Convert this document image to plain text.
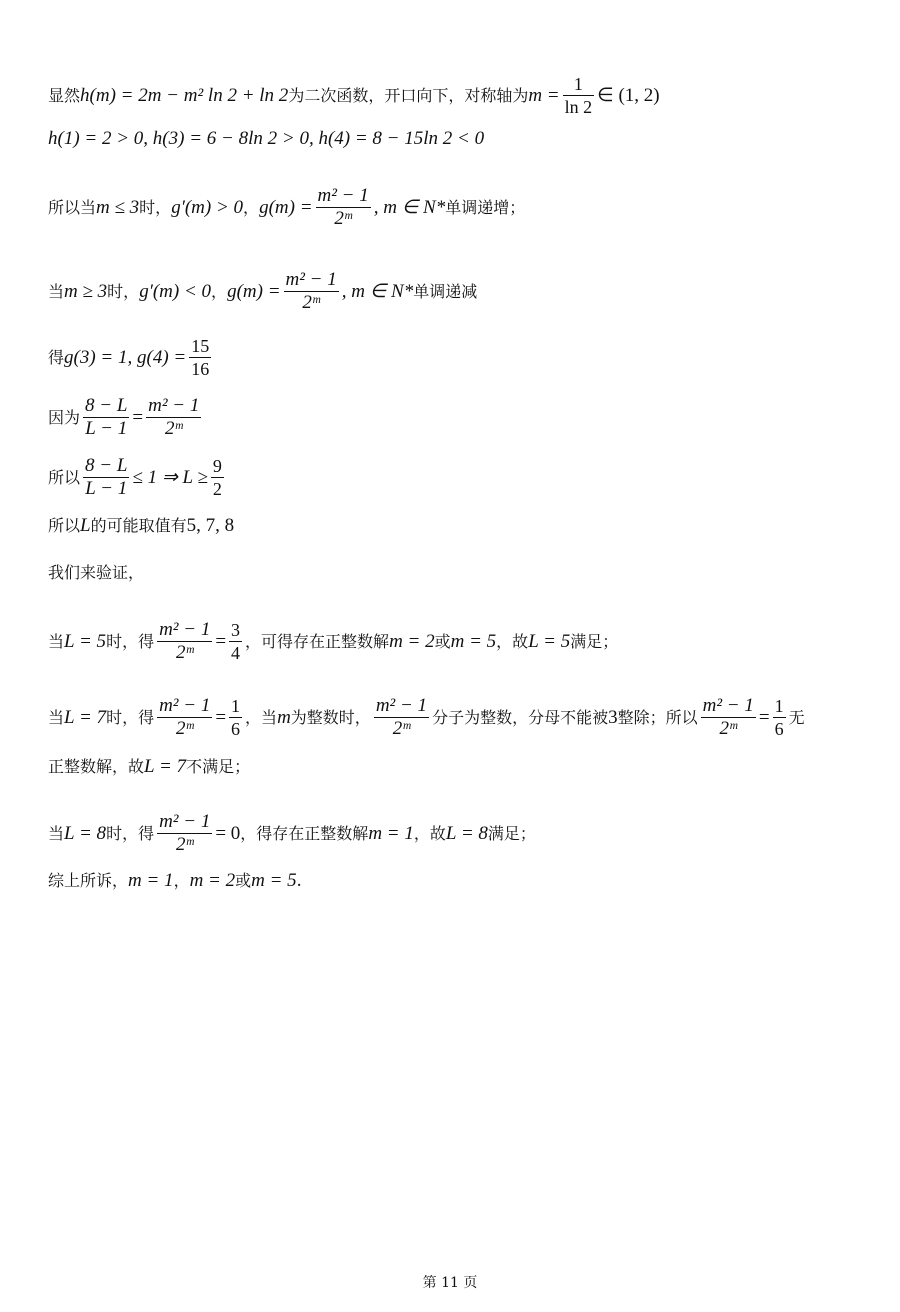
显然 h(m) = 2m − m² ln 2 + ln 2 为二次函数，开口向下，对称轴为 $m = \frac{1}{\ln 2}$ ∈ (1, 2)
h(1) = 2 > 0, h(3) = 6 − 8ln 2 > 0, h(4) = 8 − 15ln 2 < 0
所以当 m ≤ 3 时， g′(m) > 0 ， $g(m) = \frac{\text{m² − 1}}{\text{2ᵐ}}$ , m ∈ N* 单调递增；
当 m ≥ 3 时， g′(m) < 0 ， $g(m) = \frac{\text{m² − 1}}{\text{2ᵐ}}$ , m ∈ N* 单调递减
得 g(3) = 1, $g(4) = \frac{15}{16}$
因为 $\frac{8 - L}{L - 1} = \frac{\text{m² − 1}}{\text{2ᵐ}}$
所以 $\frac{8 - L}{L - 1} \le 1$ ⇒ $L \ge \frac{9}{2}$
所以 L 的可能取值有 5, 7, 8
我们来验证，
当 L = 5 时，得 $\frac{\text{m² − 1}}{\text{2ᵐ}} = \frac{3}{4}$ ，可得存在正整数解 m = 2 或 m = 5 ，故 L = 5 满足；
当 L = 7 时，得 $\frac{\text{m² − 1}}{\text{2ᵐ}} = \frac{1}{6}$ ，当 m 为整数时， $\frac{\text{m² − 1}}{\text{2ᵐ}}$ 分子为整数，分母不能被 3 整除；所以 $\frac{\text{m² − 1}}{\text{2ᵐ}} = \frac{1}{6}$ 无
正整数解，故 L = 7 不满足；
当 L = 8 时，得 $\frac{\text{m² − 1}}{\text{2ᵐ}} = 0$ ，得存在正整数解 m = 1 ，故 L = 8 满足；
综上所诉， m = 1 ， m = 2 或 m = 5 .
第 11 页
